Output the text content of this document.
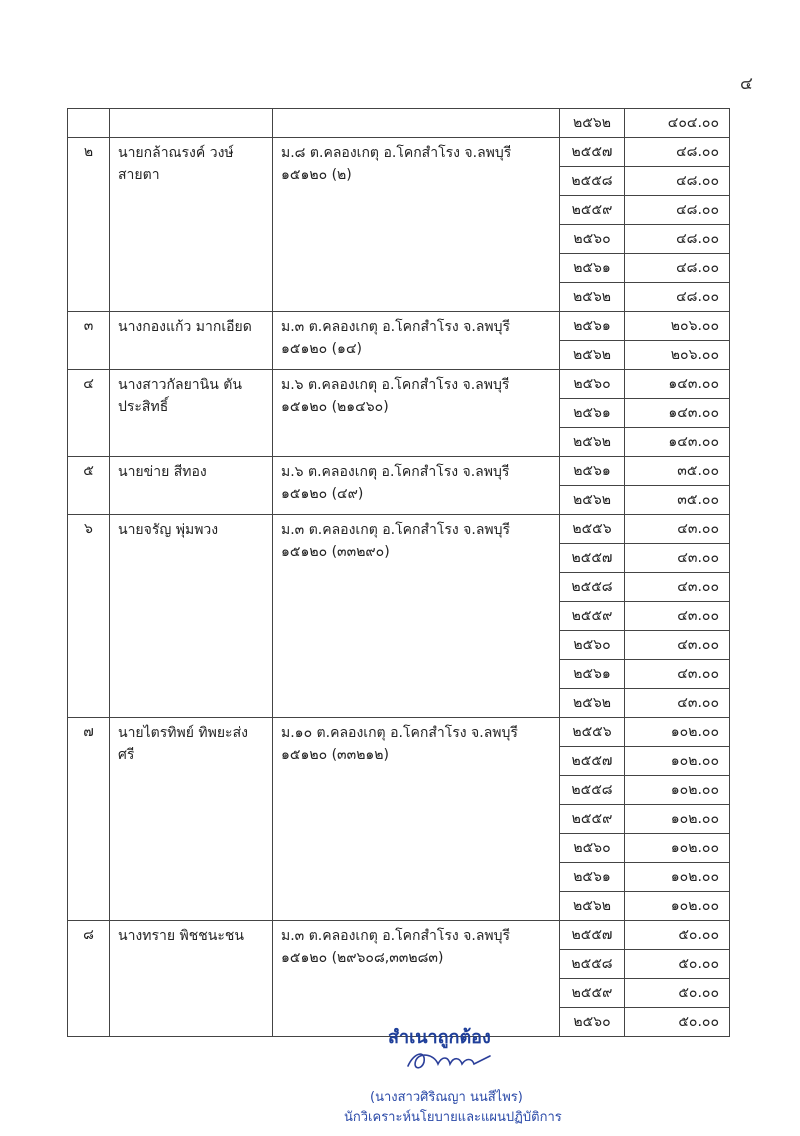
๔
			๒๕๖๒	๔๐๔.๐๐
๒	นายกล้าณรงค์ วงษ์สายตา	ม.๘ ต.คลองเกตุ อ.โคกสำโรง จ.ลพบุรี ๑๕๑๒๐ (๒)	๒๕๕๗	๔๘.๐๐
			๒๕๕๘	๔๘.๐๐
			๒๕๕๙	๔๘.๐๐
			๒๕๖๐	๔๘.๐๐
			๒๕๖๑	๔๘.๐๐
			๒๕๖๒	๔๘.๐๐
๓	นางกองแก้ว มากเอียด	ม.๓ ต.คลองเกตุ อ.โคกสำโรง จ.ลพบุรี ๑๕๑๒๐ (๑๔)	๒๕๖๑	๒๐๖.๐๐
			๒๕๖๒	๒๐๖.๐๐
๔	นางสาวกัลยานิน ตันประสิทธิ์	ม.๖ ต.คลองเกตุ อ.โคกสำโรง จ.ลพบุรี ๑๕๑๒๐ (๒๑๔๖๐)	๒๕๖๐	๑๔๓.๐๐
			๒๕๖๑	๑๔๓.๐๐
			๒๕๖๒	๑๔๓.๐๐
๕	นายข่าย สีทอง	ม.๖ ต.คลองเกตุ อ.โคกสำโรง จ.ลพบุรี ๑๕๑๒๐ (๔๙)	๒๕๖๑	๓๕.๐๐
			๒๕๖๒	๓๕.๐๐
๖	นายจรัญ พุ่มพวง	ม.๓ ต.คลองเกตุ อ.โคกสำโรง จ.ลพบุรี ๑๕๑๒๐ (๓๓๒๙๐)	๒๕๕๖	๔๓.๐๐
			๒๕๕๗	๔๓.๐๐
			๒๕๕๘	๔๓.๐๐
			๒๕๕๙	๔๓.๐๐
			๒๕๖๐	๔๓.๐๐
			๒๕๖๑	๔๓.๐๐
			๒๕๖๒	๔๓.๐๐
๗	นายไตรทิพย์ ทิพยะส่งศรี	ม.๑๐ ต.คลองเกตุ อ.โคกสำโรง จ.ลพบุรี ๑๕๑๒๐ (๓๓๒๑๒)	๒๕๕๖	๑๐๒.๐๐
			๒๕๕๗	๑๐๒.๐๐
			๒๕๕๘	๑๐๒.๐๐
			๒๕๕๙	๑๐๒.๐๐
			๒๕๖๐	๑๐๒.๐๐
			๒๕๖๑	๑๐๒.๐๐
			๒๕๖๒	๑๐๒.๐๐
๘	นางทราย พิชชนะชน	ม.๓ ต.คลองเกตุ อ.โคกสำโรง จ.ลพบุรี ๑๕๑๒๐ (๒๙๖๐๘,๓๓๒๘๓)	๒๕๕๗	๕๐.๐๐
			๒๕๕๘	๕๐.๐๐
			๒๕๕๙	๕๐.๐๐
			๒๕๖๐	๕๐.๐๐
สำเนาถูกต้อง
(นางสาวศิริณญา นนสีไพร)
นักวิเคราะห์นโยบายและแผนปฏิบัติการ
